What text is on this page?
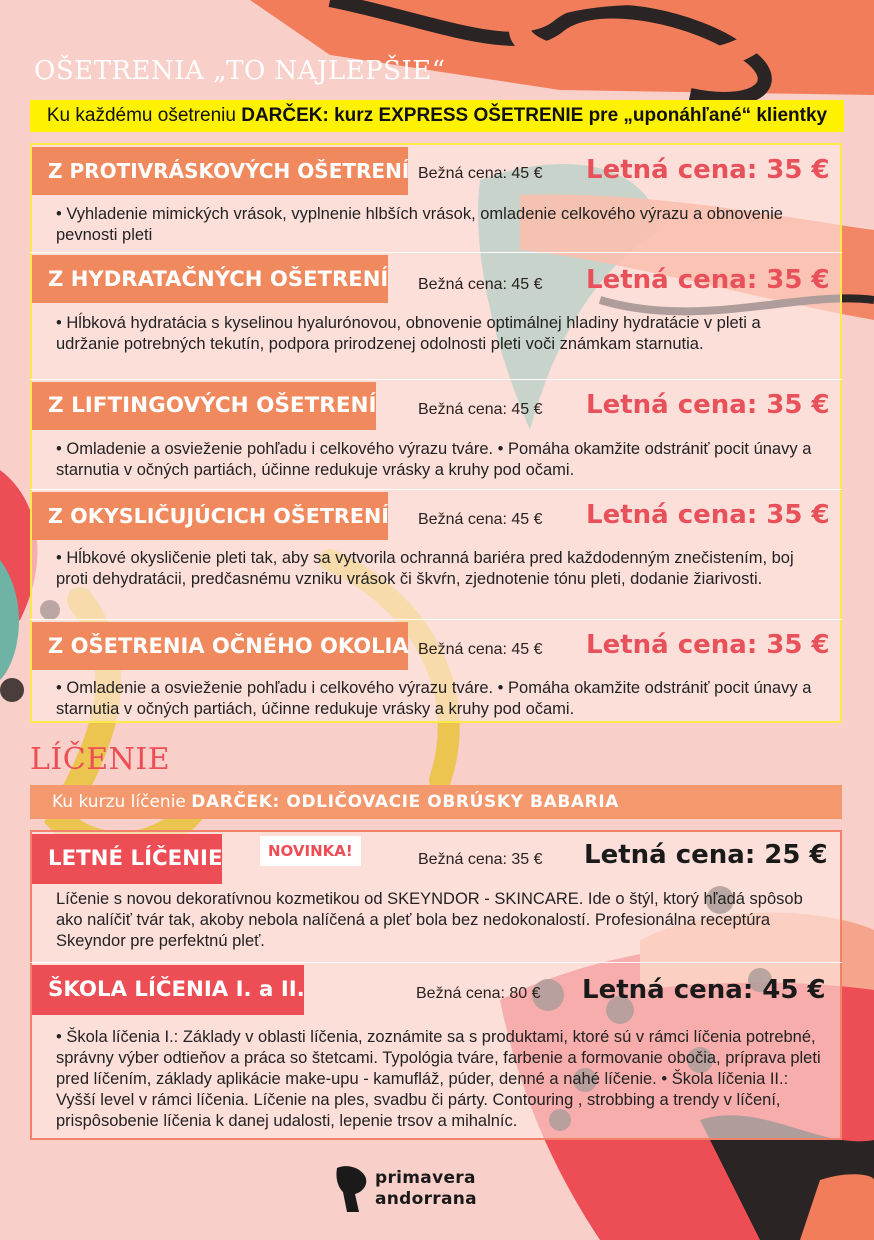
OŠETRENIA „TO NAJLEPŠIE“
Ku každému ošetreniu DARČEK: kurz EXPRESS OŠETRENIE pre „uponáhľané“ klientky
Z PROTIVRÁSKOVÝCH OŠETRENÍ Bežná cena: 45 € Letná cena: 35 €
• Vyhladenie mimických vrások, vyplnenie hlbších vrások, omladenie celkového výrazu a obnovenie pevnosti pleti
Z HYDRATAČNÝCH OŠETRENÍ Bežná cena: 45 € Letná cena: 35 €
• Hĺbková hydratácia s kyselinou hyalurónovou, obnovenie optimálnej hladiny hydratácie v pleti a udržanie potrebných tekutín, podpora prirodzenej odolnosti pleti voči známkam starnutia.
Z LIFTINGOVÝCH OŠETRENÍ	Bežná cena: 45 € Letná cena: 35 €
• Omladenie a osvieženie pohľadu i celkového výrazu tváre. • Pomáha okamžite odstrániť pocit únavy a starnutia v očných partiách, účinne redukuje vrásky a kruhy pod očami.
Z OKYSLIČUJÚCICH OŠETRENÍ Bežná cena: 45 € Letná cena: 35 €
• Hĺbkové okysličenie pleti tak, aby sa vytvorila ochranná bariéra pred každodenným znečistením, boj proti dehydratácii, predčasnému vzniku vrások či škvŕn, zjednotenie tónu pleti, dodanie žiarivosti.
Z OŠETRENIA OČNÉHO OKOLIA Bežná cena: 45 € Letná cena: 35 €
• Omladenie a osvieženie pohľadu i celkového výrazu tváre. • Pomáha okamžite odstrániť pocit únavy a starnutia v očných partiách, účinne redukuje vrásky a kruhy pod očami.
LÍČENIE
Ku kurzu líčenie DARČEK: ODLIČOVACIE OBRÚSKY BABARIA
LETNÉ LÍČENIE	NOVINKA!	Bežná cena: 35 € Letná cena: 25 €
Líčenie s novou dekoratívnou kozmetikou od SKEYNDOR - SKINCARE. Ide o štýl, ktorý hľadá spôsob ako nalíčiť tvár tak, akoby nebola nalíčená a pleť bola bez nedokonalostí. Profesionálna receptúra Skeyndor pre perfektnú pleť.
ŠKOLA LÍČENIA I. a II.	Bežná cena: 80 € Letná cena: 45 €
• Škola líčenia I.: Základy v oblasti líčenia, zoznámite sa s produktami, ktoré sú v rámci líčenia potrebné, správny výber odtieňov a práca so štetcami. Typológia tváre, farbenie a formovanie obočia, príprava pleti pred líčením, základy aplikácie make-upu - kamufláž, púder, denné a nahé líčenie. • Škola líčenia II.: Vyšší level v rámci líčenia. Líčenie na ples, svadbu či párty. Contouring , strobbing a trendy v líčení, prispôsobenie líčenia k danej udalosti, lepenie trsov a mihalníc.
primavera
andorrana
